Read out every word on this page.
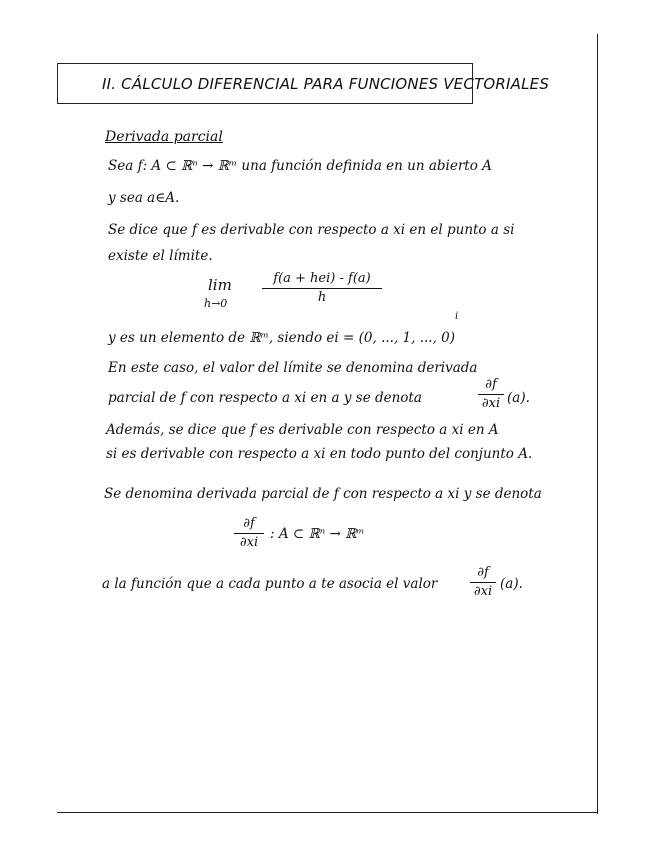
II. CÁLCULO DIFERENCIAL PARA FUNCIONES VECTORIALES
Derivada parcial
Sea f: A ⊂ ℝⁿ → ℝᵐ una función definida en un abierto A
y sea a∈A.
Se dice que f es derivable con respecto a xi en el punto a si
existe el límite.
lim
h→0
f(a + hei) - f(a)
h
i
y es un elemento de ℝᵐ, siendo ei = (0, ..., 1, ..., 0)
En este caso, el valor del límite se denomina derivada
parcial de f con respecto a xi en a y se denota
∂f
∂xi (a).
Además, se dice que f es derivable con respecto a xi en A
si es derivable con respecto a xi en todo punto del conjunto A.
Se denomina derivada parcial de f con respecto a xi y se denota
∂f
∂xi
: A ⊂ ℝⁿ → ℝᵐ
a la función que a cada punto a te asocia el valor
∂f
∂xi (a).
